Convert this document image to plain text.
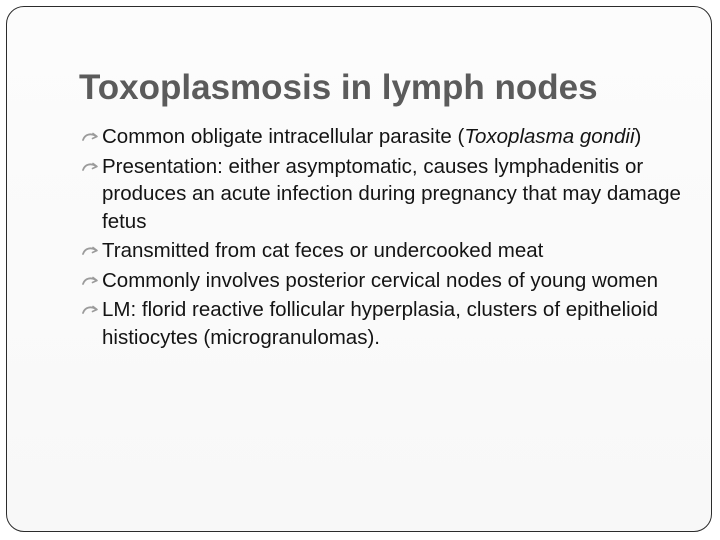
Toxoplasmosis in lymph nodes
Common obligate intracellular parasite (Toxoplasma gondii)
Presentation: either asymptomatic, causes lymphadenitis or produces an acute infection during pregnancy that may damage fetus
Transmitted from cat feces or undercooked meat
Commonly involves posterior cervical nodes of young women
LM: florid reactive follicular hyperplasia, clusters of epithelioid histiocytes (microgranulomas).
